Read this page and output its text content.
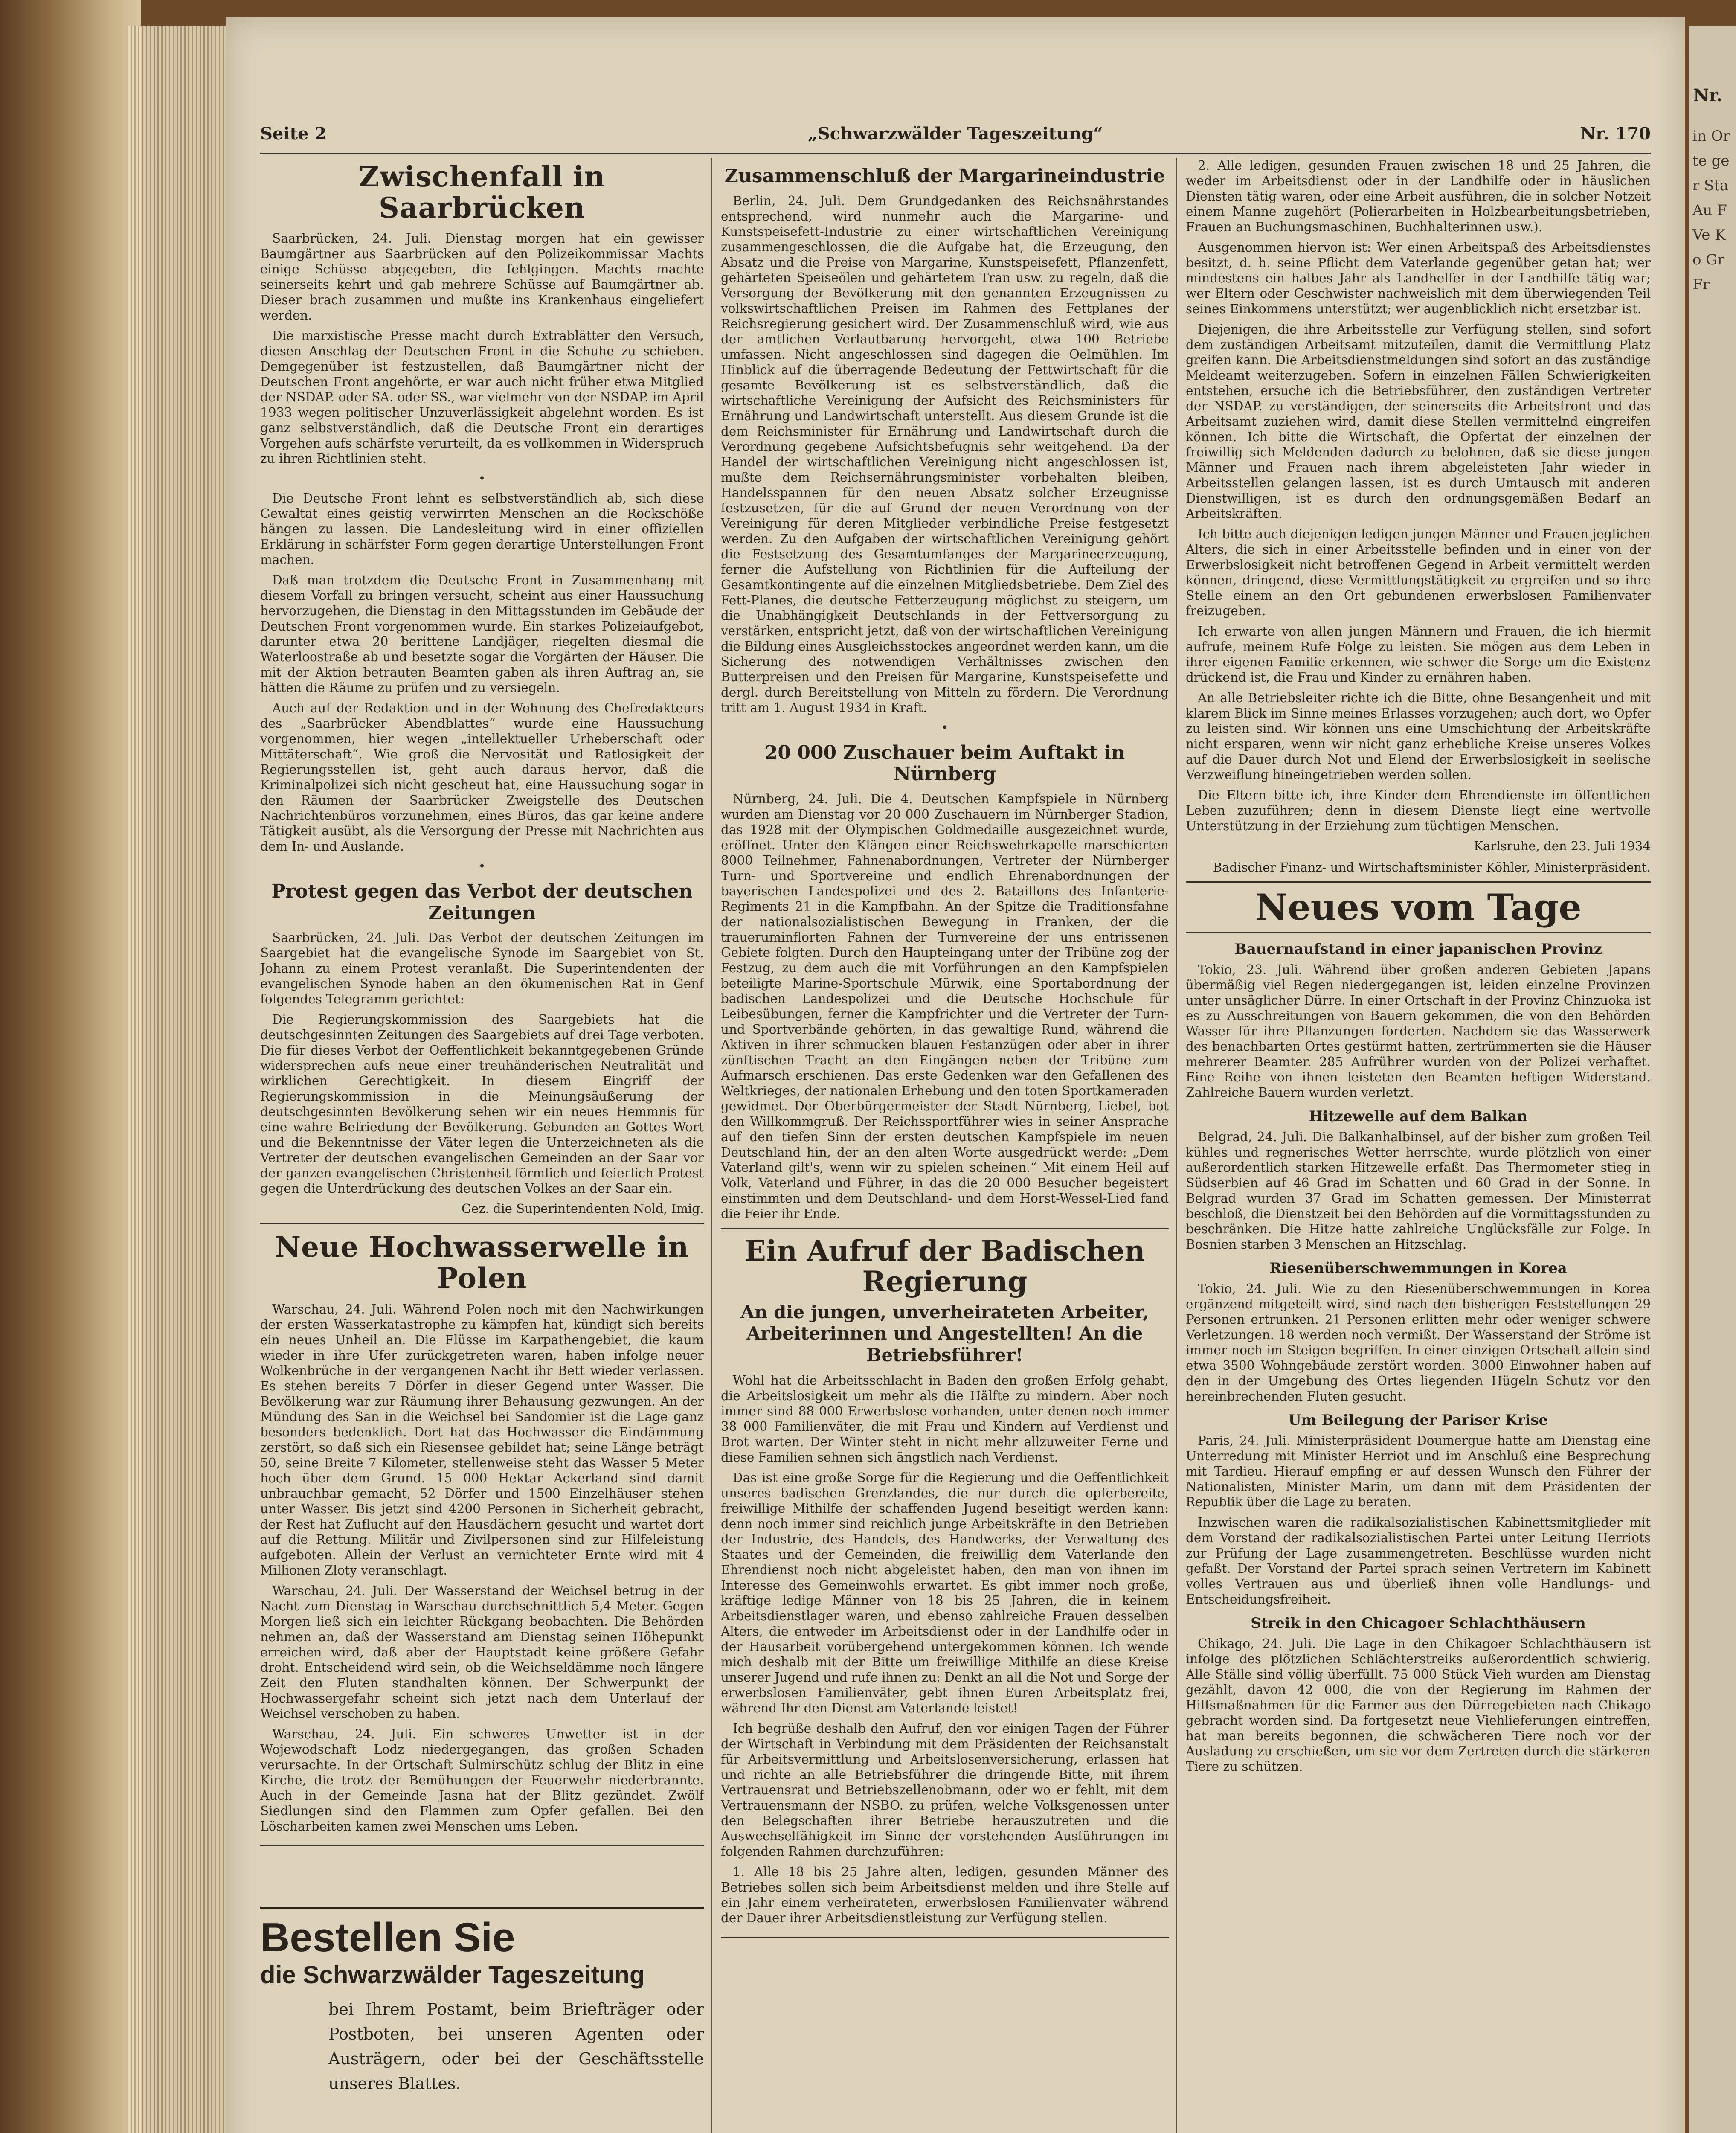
Seite 2	„Schwarzwälder Tageszeitung“	Nr. 170
Zwischenfall in Saarbrücken

Saarbrücken, 24. Juli. Dienstag morgen hat ein gewisser Baumgärtner aus Saarbrücken auf den Polizeikommissar Machts einige Schüsse abgegeben, die fehlgingen. Machts machte seinerseits kehrt und gab mehrere Schüsse auf Baumgärtner ab. Dieser brach zusammen und mußte ins Krankenhaus eingeliefert werden.

Die marxistische Presse macht durch Extrablätter den Versuch, diesen Anschlag der Deutschen Front in die Schuhe zu schieben. Demgegenüber ist festzustellen, daß Baumgärtner nicht der Deutschen Front angehörte, er war auch nicht früher etwa Mitglied der NSDAP. oder SA. oder SS., war vielmehr von der NSDAP. im April 1933 wegen politischer Unzuverlässigkeit abgelehnt worden. Es ist ganz selbstverständlich, daß die Deutsche Front ein derartiges Vorgehen aufs schärfste verurteilt, da es vollkommen in Widerspruch zu ihren Richtlinien steht.

•

Die Deutsche Front lehnt es selbstverständlich ab, sich diese Gewaltat eines geistig verwirrten Menschen an die Rockschöße hängen zu lassen. Die Landesleitung wird in einer offiziellen Erklärung in schärfster Form gegen derartige Unterstellungen Front machen.

Daß man trotzdem die Deutsche Front in Zusammenhang mit diesem Vorfall zu bringen versucht, scheint aus einer Haussuchung hervorzugehen, die Dienstag in den Mittagsstunden im Gebäude der Deutschen Front vorgenommen wurde. Ein starkes Polizeiaufgebot, darunter etwa 20 berittene Landjäger, riegelten diesmal die Waterloostraße ab und besetzte sogar die Vorgärten der Häuser. Die mit der Aktion betrauten Beamten gaben als ihren Auftrag an, sie hätten die Räume zu prüfen und zu versiegeln.

Auch auf der Redaktion und in der Wohnung des Chefredakteurs des „Saarbrücker Abendblattes“ wurde eine Haussuchung vorgenommen, hier wegen „intellektueller Urheberschaft oder Mittäterschaft“. Wie groß die Nervosität und Ratlosigkeit der Regierungsstellen ist, geht auch daraus hervor, daß die Kriminalpolizei sich nicht gescheut hat, eine Haussuchung sogar in den Räumen der Saarbrücker Zweigstelle des Deutschen Nachrichtenbüros vorzunehmen, eines Büros, das gar keine andere Tätigkeit ausübt, als die Versorgung der Presse mit Nachrichten aus dem In- und Auslande.

•
Protest gegen das Verbot der deutschen Zeitungen

Saarbrücken, 24. Juli. Das Verbot der deutschen Zeitungen im Saargebiet hat die evangelische Synode im Saargebiet von St. Johann zu einem Protest veranlaßt. Die Superintendenten der evangelischen Synode haben an den ökumenischen Rat in Genf folgendes Telegramm gerichtet:

Die Regierungskommission des Saargebiets hat die deutschgesinnten Zeitungen des Saargebiets auf drei Tage verboten. Die für dieses Verbot der Oeffentlichkeit bekanntgegebenen Gründe widersprechen aufs neue einer treuhänderischen Neutralität und wirklichen Gerechtigkeit. In diesem Eingriff der Regierungskommission in die Meinungsäußerung der deutschgesinnten Bevölkerung sehen wir ein neues Hemmnis für eine wahre Befriedung der Bevölkerung. Gebunden an Gottes Wort und die Bekenntnisse der Väter legen die Unterzeichneten als die Vertreter der deutschen evangelischen Gemeinden an der Saar vor der ganzen evangelischen Christenheit förmlich und feierlich Protest gegen die Unterdrückung des deutschen Volkes an der Saar ein.

Gez. die Superintendenten Nold, Imig.
Neue Hochwasserwelle in Polen

Warschau, 24. Juli. Während Polen noch mit den Nachwirkungen der ersten Wasserkatastrophe zu kämpfen hat, kündigt sich bereits ein neues Unheil an. Die Flüsse im Karpathengebiet, die kaum wieder in ihre Ufer zurückgetreten waren, haben infolge neuer Wolkenbrüche in der vergangenen Nacht ihr Bett wieder verlassen. Es stehen bereits 7 Dörfer in dieser Gegend unter Wasser. Die Bevölkerung war zur Räumung ihrer Behausung gezwungen. An der Mündung des San in die Weichsel bei Sandomier ist die Lage ganz besonders bedenklich. Dort hat das Hochwasser die Eindämmung zerstört, so daß sich ein Riesensee gebildet hat; seine Länge beträgt 50, seine Breite 7 Kilometer, stellenweise steht das Wasser 5 Meter hoch über dem Grund. 15 000 Hektar Ackerland sind damit unbrauchbar gemacht, 52 Dörfer und 1500 Einzelhäuser stehen unter Wasser. Bis jetzt sind 4200 Personen in Sicherheit gebracht, der Rest hat Zuflucht auf den Hausdächern gesucht und wartet dort auf die Rettung. Militär und Zivilpersonen sind zur Hilfeleistung aufgeboten. Allein der Verlust an vernichteter Ernte wird mit 4 Millionen Zloty veranschlagt.

Warschau, 24. Juli. Der Wasserstand der Weichsel betrug in der Nacht zum Dienstag in Warschau durchschnittlich 5,4 Meter. Gegen Morgen ließ sich ein leichter Rückgang beobachten. Die Behörden nehmen an, daß der Wasserstand am Dienstag seinen Höhepunkt erreichen wird, daß aber der Hauptstadt keine größere Gefahr droht. Entscheidend wird sein, ob die Weichseldämme noch längere Zeit den Fluten standhalten können. Der Schwerpunkt der Hochwassergefahr scheint sich jetzt nach dem Unterlauf der Weichsel verschoben zu haben.

Warschau, 24. Juli. Ein schweres Unwetter ist in der Wojewodschaft Lodz niedergegangen, das großen Schaden verursachte. In der Ortschaft Sulmirschütz schlug der Blitz in eine Kirche, die trotz der Bemühungen der Feuerwehr niederbrannte. Auch in der Gemeinde Jasna hat der Blitz gezündet. Zwölf Siedlungen sind den Flammen zum Opfer gefallen. Bei den Löscharbeiten kamen zwei Menschen ums Leben.

Bestellen Sie
die Schwarzwälder Tageszeitung
bei Ihrem Postamt, beim Briefträger oder Postboten, bei unseren Agenten oder Austrägern, oder bei der Geschäftsstelle unseres Blattes.
Zusammenschluß der Margarineindustrie

Berlin, 24. Juli. Dem Grundgedanken des Reichsnährstandes entsprechend, wird nunmehr auch die Margarine- und Kunstspeisefett-Industrie zu einer wirtschaftlichen Vereinigung zusammengeschlossen, die die Aufgabe hat, die Erzeugung, den Absatz und die Preise von Margarine, Kunstspeisefett, Pflanzenfett, gehärteten Speiseölen und gehärtetem Tran usw. zu regeln, daß die Versorgung der Bevölkerung mit den genannten Erzeugnissen zu volkswirtschaftlichen Preisen im Rahmen des Fettplanes der Reichsregierung gesichert wird. Der Zusammenschluß wird, wie aus der amtlichen Verlautbarung hervorgeht, etwa 100 Betriebe umfassen. Nicht angeschlossen sind dagegen die Oelmühlen. Im Hinblick auf die überragende Bedeutung der Fettwirtschaft für die gesamte Bevölkerung ist es selbstverständlich, daß die wirtschaftliche Vereinigung der Aufsicht des Reichsministers für Ernährung und Landwirtschaft unterstellt. Aus diesem Grunde ist die dem Reichsminister für Ernährung und Landwirtschaft durch die Verordnung gegebene Aufsichtsbefugnis sehr weitgehend. Da der Handel der wirtschaftlichen Vereinigung nicht angeschlossen ist, mußte dem Reichsernährungsminister vorbehalten bleiben, Handelsspannen für den neuen Absatz solcher Erzeugnisse festzusetzen, für die auf Grund der neuen Verordnung von der Vereinigung für deren Mitglieder verbindliche Preise festgesetzt werden. Zu den Aufgaben der wirtschaftlichen Vereinigung gehört die Festsetzung des Gesamtumfanges der Margarineerzeugung, ferner die Aufstellung von Richtlinien für die Aufteilung der Gesamtkontingente auf die einzelnen Mitgliedsbetriebe. Dem Ziel des Fett-Planes, die deutsche Fetterzeugung möglichst zu steigern, um die Unabhängigkeit Deutschlands in der Fettversorgung zu verstärken, entspricht jetzt, daß von der wirtschaftlichen Vereinigung die Bildung eines Ausgleichsstockes angeordnet werden kann, um die Sicherung des notwendigen Verhältnisses zwischen den Butterpreisen und den Preisen für Margarine, Kunstspeisefette und dergl. durch Bereitstellung von Mitteln zu fördern. Die Verordnung tritt am 1. August 1934 in Kraft.

•
20 000 Zuschauer beim Auftakt in Nürnberg

Nürnberg, 24. Juli. Die 4. Deutschen Kampfspiele in Nürnberg wurden am Dienstag vor 20 000 Zuschauern im Nürnberger Stadion, das 1928 mit der Olympischen Goldmedaille ausgezeichnet wurde, eröffnet. Unter den Klängen einer Reichswehrkapelle marschierten 8000 Teilnehmer, Fahnenabordnungen, Vertreter der Nürnberger Turn- und Sportvereine und endlich Ehrenabordnungen der bayerischen Landespolizei und des 2. Bataillons des Infanterie-Regiments 21 in die Kampfbahn. An der Spitze die Traditionsfahne der nationalsozialistischen Bewegung in Franken, der die traueruminflorten Fahnen der Turnvereine der uns entrissenen Gebiete folgten. Durch den Haupteingang unter der Tribüne zog der Festzug, zu dem auch die mit Vorführungen an den Kampfspielen beteiligte Marine-Sportschule Mürwik, eine Sportabordnung der badischen Landespolizei und die Deutsche Hochschule für Leibesübungen, ferner die Kampfrichter und die Vertreter der Turn- und Sportverbände gehörten, in das gewaltige Rund, während die Aktiven in ihrer schmucken blauen Festanzügen oder aber in ihrer zünftischen Tracht an den Eingängen neben der Tribüne zum Aufmarsch erschienen. Das erste Gedenken war den Gefallenen des Weltkrieges, der nationalen Erhebung und den toten Sportkameraden gewidmet. Der Oberbürgermeister der Stadt Nürnberg, Liebel, bot den Willkommgruß. Der Reichssportführer wies in seiner Ansprache auf den tiefen Sinn der ersten deutschen Kampfspiele im neuen Deutschland hin, der an den alten Worte ausgedrückt werde: „Dem Vaterland gilt's, wenn wir zu spielen scheinen.“ Mit einem Heil auf Volk, Vaterland und Führer, in das die 20 000 Besucher begeistert einstimmten und dem Deutschland- und dem Horst-Wessel-Lied fand die Feier ihr Ende.

Ein Aufruf der Badischen Regierung
An die jungen, unverheirateten Arbeiter, Arbeiterinnen und Angestellten! An die Betriebsführer!

Wohl hat die Arbeitsschlacht in Baden den großen Erfolg gehabt, die Arbeitslosigkeit um mehr als die Hälfte zu mindern. Aber noch immer sind 88 000 Erwerbslose vorhanden, unter denen noch immer 38 000 Familienväter, die mit Frau und Kindern auf Verdienst und Brot warten. Der Winter steht in nicht mehr allzuweiter Ferne und diese Familien sehnen sich ängstlich nach Verdienst.

Das ist eine große Sorge für die Regierung und die Oeffentlichkeit unseres badischen Grenzlandes, die nur durch die opferbereite, freiwillige Mithilfe der schaffenden Jugend beseitigt werden kann: denn noch immer sind reichlich junge Arbeitskräfte in den Betrieben der Industrie, des Handels, des Handwerks, der Verwaltung des Staates und der Gemeinden, die freiwillig dem Vaterlande den Ehrendienst noch nicht abgeleistet haben, den man von ihnen im Interesse des Gemeinwohls erwartet. Es gibt immer noch große, kräftige ledige Männer von 18 bis 25 Jahren, die in keinem Arbeitsdienstlager waren, und ebenso zahlreiche Frauen desselben Alters, die entweder im Arbeitsdienst oder in der Landhilfe oder in der Hausarbeit vorübergehend untergekommen können. Ich wende mich deshalb mit der Bitte um freiwillige Mithilfe an diese Kreise unserer Jugend und rufe ihnen zu: Denkt an all die Not und Sorge der erwerbslosen Familienväter, gebt ihnen Euren Arbeitsplatz frei, während Ihr den Dienst am Vaterlande leistet!

Ich begrüße deshalb den Aufruf, den vor einigen Tagen der Führer der Wirtschaft in Verbindung mit dem Präsidenten der Reichsanstalt für Arbeitsvermittlung und Arbeitslosenversicherung, erlassen hat und richte an alle Betriebsführer die dringende Bitte, mit ihrem Vertrauensrat und Betriebszellenobmann, oder wo er fehlt, mit dem Vertrauensmann der NSBO. zu prüfen, welche Volksgenossen unter den Belegschaften ihrer Betriebe herauszutreten und die Auswechselfähigkeit im Sinne der vorstehenden Ausführungen im folgenden Rahmen durchzuführen:

1. Alle 18 bis 25 Jahre alten, ledigen, gesunden Männer des Betriebes sollen sich beim Arbeitsdienst melden und ihre Stelle auf ein Jahr einem verheirateten, erwerbslosen Familienvater während der Dauer ihrer Arbeitsdienstleistung zur Verfügung stellen.

2. Alle ledigen, gesunden Frauen zwischen 18 und 25 Jahren, die weder im Arbeitsdienst oder in der Landhilfe oder in häuslichen Diensten tätig waren, oder eine Arbeit ausführen, die in solcher Notzeit einem Manne zugehört (Polierarbeiten in Holzbearbeitungsbetrieben, Frauen an Buchungsmaschinen, Buchhalterinnen usw.).

Ausgenommen hiervon ist: Wer einen Arbeitspaß des Arbeitsdienstes besitzt, d. h. seine Pflicht dem Vaterlande gegenüber getan hat; wer mindestens ein halbes Jahr als Landhelfer in der Landhilfe tätig war; wer Eltern oder Geschwister nachweislich mit dem überwiegenden Teil seines Einkommens unterstützt; wer augenblicklich nicht ersetzbar ist.

Diejenigen, die ihre Arbeitsstelle zur Verfügung stellen, sind sofort dem zuständigen Arbeitsamt mitzuteilen, damit die Vermittlung Platz greifen kann. Die Arbeitsdienstmeldungen sind sofort an das zuständige Meldeamt weiterzugeben. Sofern in einzelnen Fällen Schwierigkeiten entstehen, ersuche ich die Betriebsführer, den zuständigen Vertreter der NSDAP. zu verständigen, der seinerseits die Arbeitsfront und das Arbeitsamt zuziehen wird, damit diese Stellen vermittelnd eingreifen können. Ich bitte die Wirtschaft, die Opfertat der einzelnen der freiwillig sich Meldenden dadurch zu belohnen, daß sie diese jungen Männer und Frauen nach ihrem abgeleisteten Jahr wieder in Arbeitsstellen gelangen lassen, ist es durch Umtausch mit anderen Dienstwilligen, ist es durch den ordnungsgemäßen Bedarf an Arbeitskräften.

Ich bitte auch diejenigen ledigen jungen Männer und Frauen jeglichen Alters, die sich in einer Arbeitsstelle befinden und in einer von der Erwerbslosigkeit nicht betroffenen Gegend in Arbeit vermittelt werden können, dringend, diese Vermittlungstätigkeit zu ergreifen und so ihre Stelle einem an den Ort gebundenen erwerbslosen Familienvater freizugeben.

Ich erwarte von allen jungen Männern und Frauen, die ich hiermit aufrufe, meinem Rufe Folge zu leisten. Sie mögen aus dem Leben in ihrer eigenen Familie erkennen, wie schwer die Sorge um die Existenz drückend ist, die Frau und Kinder zu ernähren haben.

An alle Betriebsleiter richte ich die Bitte, ohne Besangenheit und mit klarem Blick im Sinne meines Erlasses vorzugehen; auch dort, wo Opfer zu leisten sind. Wir können uns eine Umschichtung der Arbeitskräfte nicht ersparen, wenn wir nicht ganz erhebliche Kreise unseres Volkes auf die Dauer durch Not und Elend der Erwerbslosigkeit in seelische Verzweiflung hineingetrieben werden sollen.

Die Eltern bitte ich, ihre Kinder dem Ehrendienste im öffentlichen Leben zuzuführen; denn in diesem Dienste liegt eine wertvolle Unterstützung in der Erziehung zum tüchtigen Menschen.

Karlsruhe, den 23. Juli 1934
Badischer Finanz- und Wirtschaftsminister Köhler, Ministerpräsident.
Neues vom Tage
Bauernaufstand in einer japanischen Provinz

Tokio, 23. Juli. Während über großen anderen Gebieten Japans übermäßig viel Regen niedergegangen ist, leiden einzelne Provinzen unter unsäglicher Dürre. In einer Ortschaft in der Provinz Chinzuoka ist es zu Ausschreitungen von Bauern gekommen, die von den Behörden Wasser für ihre Pflanzungen forderten. Nachdem sie das Wasserwerk des benachbarten Ortes gestürmt hatten, zertrümmerten sie die Häuser mehrerer Beamter. 285 Aufrührer wurden von der Polizei verhaftet. Eine Reihe von ihnen leisteten den Beamten heftigen Widerstand. Zahlreiche Bauern wurden verletzt.

Hitzewelle auf dem Balkan

Belgrad, 24. Juli. Die Balkanhalbinsel, auf der bisher zum großen Teil kühles und regnerisches Wetter herrschte, wurde plötzlich von einer außerordentlich starken Hitzewelle erfaßt. Das Thermometer stieg in Südserbien auf 46 Grad im Schatten und 60 Grad in der Sonne. In Belgrad wurden 37 Grad im Schatten gemessen. Der Ministerrat beschloß, die Dienstzeit bei den Behörden auf die Vormittagsstunden zu beschränken. Die Hitze hatte zahlreiche Unglücksfälle zur Folge. In Bosnien starben 3 Menschen an Hitzschlag.

Riesenüberschwemmungen in Korea

Tokio, 24. Juli. Wie zu den Riesenüberschwemmungen in Korea ergänzend mitgeteilt wird, sind nach den bisherigen Feststellungen 29 Personen ertrunken. 21 Personen erlitten mehr oder weniger schwere Verletzungen. 18 werden noch vermißt. Der Wasserstand der Ströme ist immer noch im Steigen begriffen. In einer einzigen Ortschaft allein sind etwa 3500 Wohngebäude zerstört worden. 3000 Einwohner haben auf den in der Umgebung des Ortes liegenden Hügeln Schutz vor den hereinbrechenden Fluten gesucht.

Um Beilegung der Pariser Krise

Paris, 24. Juli. Ministerpräsident Doumergue hatte am Dienstag eine Unterredung mit Minister Herriot und im Anschluß eine Besprechung mit Tardieu. Hierauf empfing er auf dessen Wunsch den Führer der Nationalisten, Minister Marin, um dann mit dem Präsidenten der Republik über die Lage zu beraten.

Inzwischen waren die radikalsozialistischen Kabinettsmitglieder mit dem Vorstand der radikalsozialistischen Partei unter Leitung Herriots zur Prüfung der Lage zusammengetreten. Beschlüsse wurden nicht gefaßt. Der Vorstand der Partei sprach seinen Vertretern im Kabinett volles Vertrauen aus und überließ ihnen volle Handlungs- und Entscheidungsfreiheit.

Streik in den Chicagoer Schlachthäusern

Chikago, 24. Juli. Die Lage in den Chikagoer Schlachthäusern ist infolge des plötzlichen Schlächterstreiks außerordentlich schwierig. Alle Ställe sind völlig überfüllt. 75 000 Stück Vieh wurden am Dienstag gezählt, davon 42 000, die von der Regierung im Rahmen der Hilfsmaßnahmen für die Farmer aus den Dürregebieten nach Chikago gebracht worden sind. Da fortgesetzt neue Viehlieferungen eintreffen, hat man bereits begonnen, die schwächeren Tiere noch vor der Ausladung zu erschießen, um sie vor dem Zertreten durch die stärkeren Tiere zu schützen.

Nr.
in Orte ger Sta Au F Ve Ko Gr Fr
